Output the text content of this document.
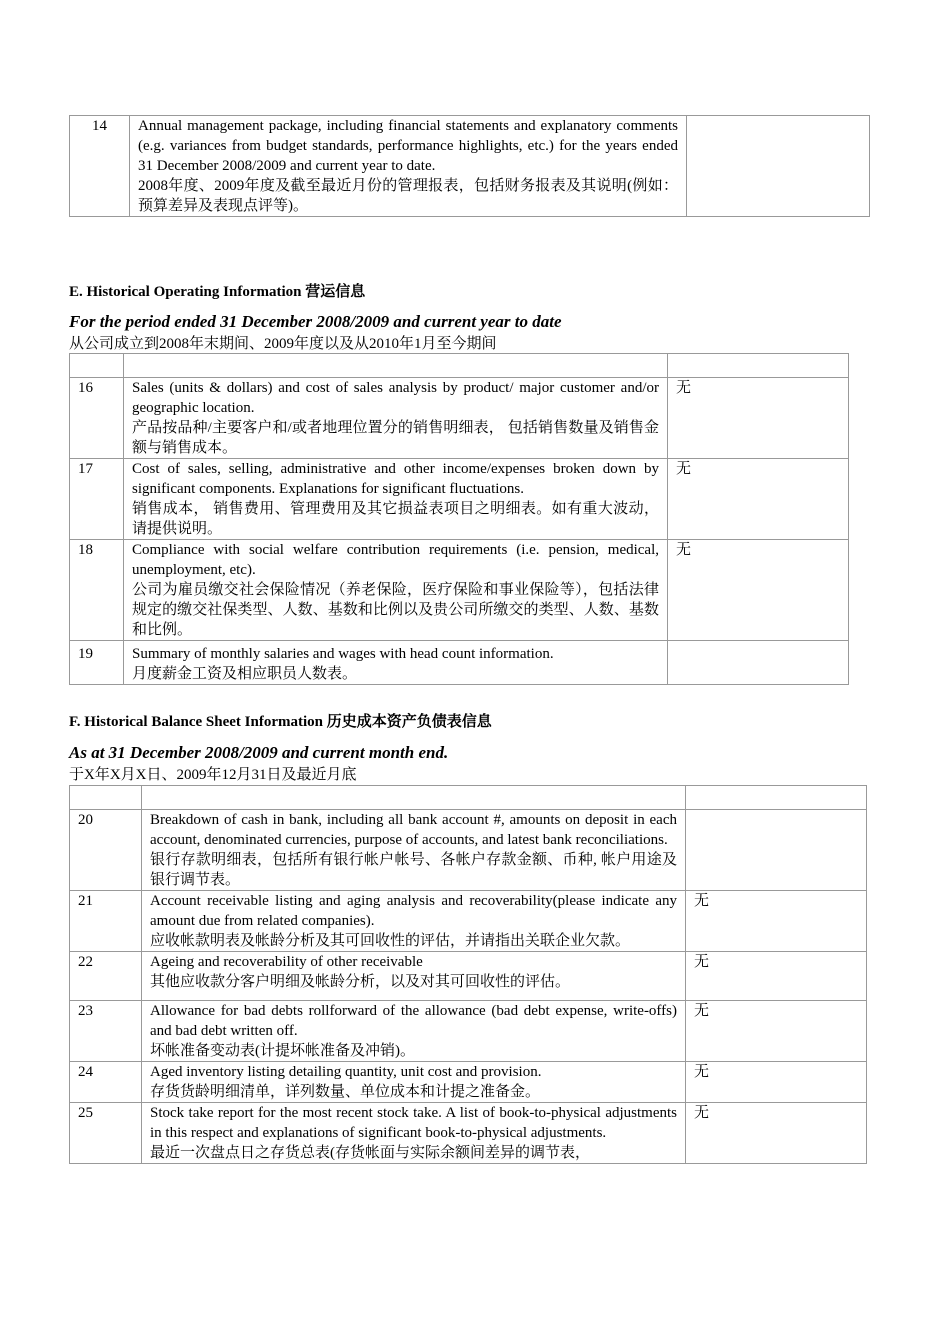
14	Annual management package, including financial statements and explanatory comments (e.g. variances from budget standards, performance highlights, etc.) for the years ended 31 December 2008/2009 and current year to date.
2008年度、2009年度及截至最近月份的管理报表，包括财务报表及其说明(例如：预算差异及表现点评等)。

E. Historical Operating Information 营运信息
For the period ended 31 December 2008/2009 and current year to date
从公司成立到2008年末期间、2009年度以及从2010年1月至今期间

16	Sales (units & dollars) and cost of sales analysis by product/ major customer and/or geographic location.
产品按品种/主要客户和/或者地理位置分的销售明细表， 包括销售数量及销售金额与销售成本。	无
17	Cost of sales, selling, administrative and other income/expenses broken down by significant components. Explanations for significant fluctuations.
销售成本， 销售费用、管理费用及其它损益表项目之明细表。如有重大波动，请提供说明。	无
18	Compliance with social welfare contribution requirements (i.e. pension, medical, unemployment, etc).
公司为雇员缴交社会保险情况（养老保险，医疗保险和事业保险等），包括法律规定的缴交社保类型、人数、基数和比例以及贵公司所缴交的类型、人数、基数和比例。	无
19	Summary of monthly salaries and wages with head count information.
月度薪金工资及相应职员人数表。	

F. Historical Balance Sheet Information 历史成本资产负债表信息
As at 31 December 2008/2009 and current month end.
于X年X月X日、2009年12月31日及最近月底

20	Breakdown of cash in bank, including all bank account #, amounts on deposit in each account, denominated currencies, purpose of accounts, and latest bank reconciliations.
银行存款明细表，包括所有银行帐户帐号、各帐户存款金额、币种, 帐户用途及银行调节表。	

21	Account receivable listing and aging analysis and recoverability(please indicate any amount due from related companies).
应收帐款明表及帐龄分析及其可回收性的评估，并请指出关联企业欠款。	无
22	Ageing and recoverability of other receivable
其他应收款分客户明细及帐龄分析，以及对其可回收性的评估。	无
23	Allowance for bad debts rollforward of the allowance (bad debt expense, write-offs) and bad debt written off.
坏帐准备变动表(计提坏帐准备及冲销)。	无
24	Aged inventory listing detailing quantity, unit cost and provision.
存货货龄明细清单，详列数量、单位成本和计提之准备金。	无
25	Stock take report for the most recent stock take. A list of book-to-physical adjustments in this respect and explanations of significant book-to-physical adjustments.
最近一次盘点日之存货总表(存货帐面与实际余额间差异的调节表，	无
